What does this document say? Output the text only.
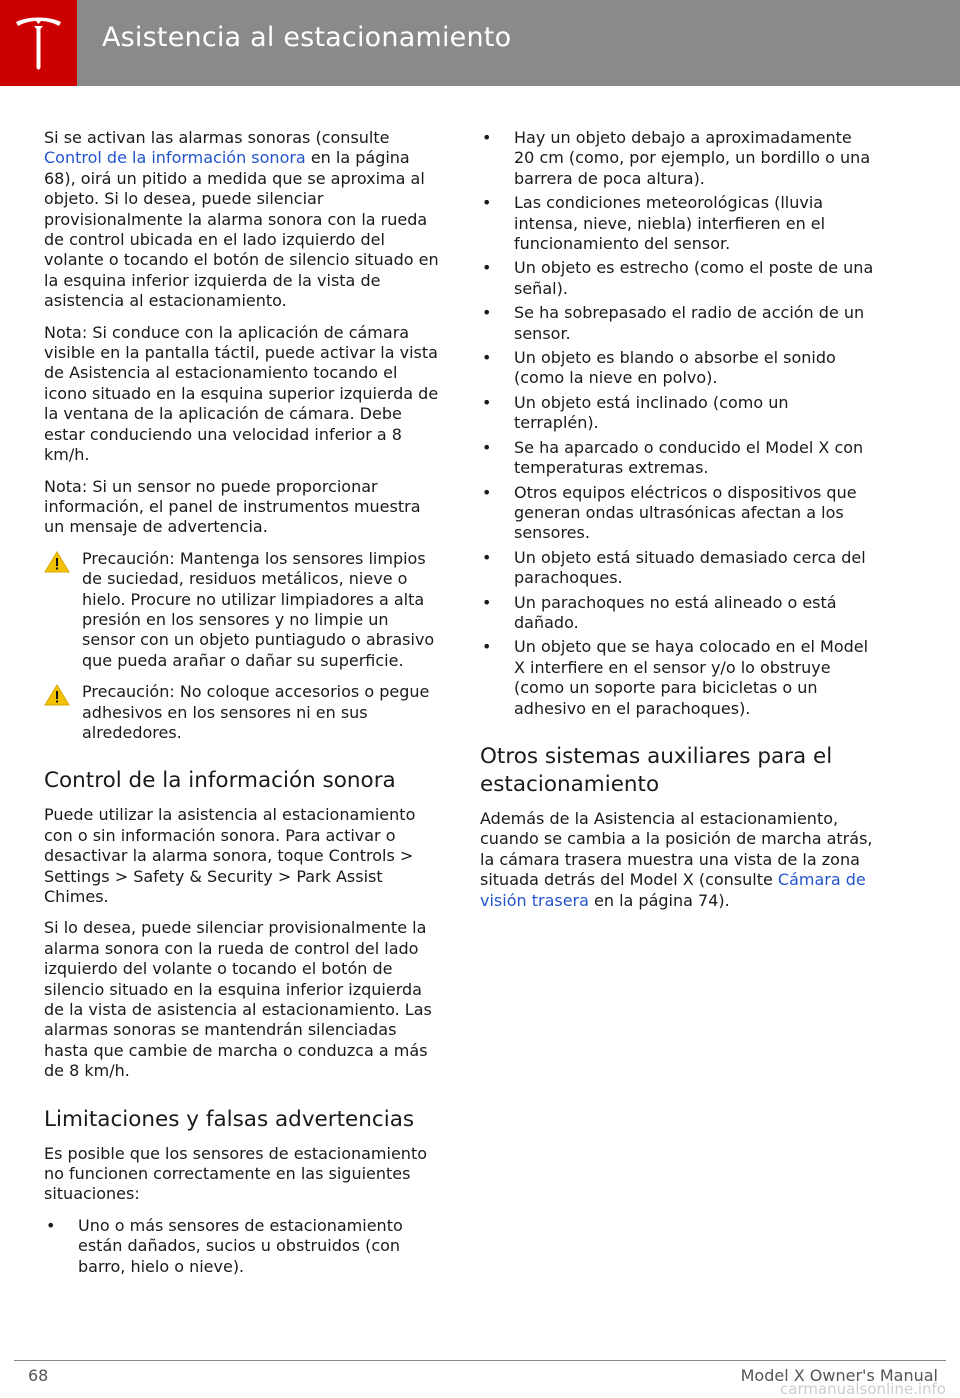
Asistencia al estacionamiento

Si se activan las alarmas sonoras (consulte Control de la información sonora en la página 68), oirá un pitido a medida que se aproxima al objeto. Si lo desea, puede silenciar provisionalmente la alarma sonora con la rueda de control ubicada en el lado izquierdo del volante o tocando el botón de silencio situado en la esquina inferior izquierda de la vista de asistencia al estacionamiento.

Nota: Si conduce con la aplicación de cámara visible en la pantalla táctil, puede activar la vista de Asistencia al estacionamiento tocando el icono situado en la esquina superior izquierda de la ventana de la aplicación de cámara. Debe estar conduciendo una velocidad inferior a 8 km/h.

Nota: Si un sensor no puede proporcionar información, el panel de instrumentos muestra un mensaje de advertencia.

Precaución: Mantenga los sensores limpios de suciedad, residuos metálicos, nieve o hielo. Procure no utilizar limpiadores a alta presión en los sensores y no limpie un sensor con un objeto puntiagudo o abrasivo que pueda arañar o dañar su superficie.
Precaución: No coloque accesorios o pegue adhesivos en los sensores ni en sus alrededores.
Control de la información sonora

Puede utilizar la asistencia al estacionamiento con o sin información sonora. Para activar o desactivar la alarma sonora, toque Controls > Settings > Safety & Security > Park Assist Chimes.

Si lo desea, puede silenciar provisionalmente la alarma sonora con la rueda de control del lado izquierdo del volante o tocando el botón de silencio situado en la esquina inferior izquierda de la vista de asistencia al estacionamiento. Las alarmas sonoras se mantendrán silenciadas hasta que cambie de marcha o conduzca a más de 8 km/h.

Limitaciones y falsas advertencias

Es posible que los sensores de estacionamiento no funcionen correctamente en las siguientes situaciones:

• Uno o más sensores de estacionamiento están dañados, sucios u obstruidos (con barro, hielo o nieve).
• Hay un objeto debajo a aproximadamente 20 cm (como, por ejemplo, un bordillo o una barrera de poca altura).
• Las condiciones meteorológicas (lluvia intensa, nieve, niebla) interfieren en el funcionamiento del sensor.
• Un objeto es estrecho (como el poste de una señal).
• Se ha sobrepasado el radio de acción de un sensor.
• Un objeto es blando o absorbe el sonido (como la nieve en polvo).
• Un objeto está inclinado (como un terraplén).
• Se ha aparcado o conducido el Model X con temperaturas extremas.
• Otros equipos eléctricos o dispositivos que generan ondas ultrasónicas afectan a los sensores.
• Un objeto está situado demasiado cerca del parachoques.
• Un parachoques no está alineado o está dañado.
• Un objeto que se haya colocado en el Model X interfiere en el sensor y/o lo obstruye (como un soporte para bicicletas o un adhesivo en el parachoques).
Otros sistemas auxiliares para el estacionamiento

Además de la Asistencia al estacionamiento, cuando se cambia a la posición de marcha atrás, la cámara trasera muestra una vista de la zona situada detrás del Model X (consulte Cámara de visión trasera en la página 74).

68	Model X Owner's Manual
carmanualsonline.info
